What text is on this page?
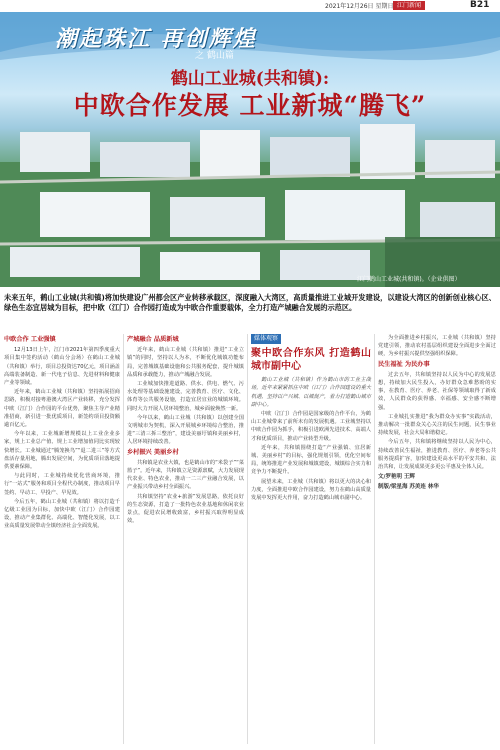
2021年12月26日 星期日 江门新闻	B21
潮起珠江 再创辉煌
之 鹤山篇
鹤山工业城(共和镇):
中欧合作发展 工业新城“腾飞”
江门鹤山工业城(共和镇)。（企业供图）
未来五年，鹤山工业城(共和镇)将加快建设广州都会区产业转移承载区，深度融入大湾区，高质量推进工业城开发建设，以建设大湾区的创新创业核心区、绿色生态宜居城为目标，把中欧（江门）合作园打造成为中欧合作重要载体，全力打造产城融合发展的示范区。
中欧合作 工业强镇

12月13日上午，江门市2021年第四季度重大项目集中签约活动（鹤山分会场）在鹤山工业城（共和镇）举行，项目总投资达70亿元，项目涵盖高端装备制造、新一代电子信息、先进材料和健康产业等领域。

近年来，鹤山工业城（共和镇）坚持拓展招商思路，积极对接粤港澳大湾区产业转移，充分发挥中欧（江门）合作园的平台优势，聚焦主导产业精准招商，新引进一批优质项目，新签约项目投资额逾百亿元。

今年以来，工业城新增规模以上工业企业多家，规上工业总产值、规上工业增加值同比实现较快增长。工业城通过“腾笼换鸟”“退二进三”等方式盘活存量用地，腾出发展空间，为优质项目落地提供要素保障。

与此同时，工业城持续优化营商环境，推行“一站式”服务和项目全程代办制度，推动项目早签约、早动工、早投产、早见效。

今后五年，鹤山工业城（共和镇）将以打造千亿级工业园为目标，加快中欧（江门）合作园建设，推动产业集群化、高端化、智能化发展，以工业高质量发展带动全镇经济社会全面发展。

产城融合 品质新城

近年来，鹤山工业城（共和镇）推进“工业立镇”的同时，坚持以人为本，不断优化城镇功能布局，完善城镇基础设施和公共服务配套，提升城镇品质和承载能力，推动产城融合发展。

工业城加快推进道路、供水、供电、燃气、污水处理等基础设施建设，完善教育、医疗、文化、体育等公共服务设施，打造宜居宜业的城镇环境。同时大力开展人居环境整治，城乡面貌焕然一新。

今年以来，鹤山工业城（共和镇）以创建全国文明城市为契机，深入开展城乡环境综合整治，推进“三清三拆三整治”，建设美丽圩镇和美丽乡村，人居环境持续改善。

乡村振兴 美丽乡村

共和镇是农业大镇，也是鹤山市的“米袋子”“菜篮子”。近年来，共和镇立足资源禀赋，大力发展现代农业、特色农业，推动一二三产业融合发展，以产业振兴带动乡村全面振兴。

共和镇坚持“农业+旅游”发展思路，依托良好的生态资源，打造了一批特色农业基地和休闲农业景点，促进农民增收致富，乡村振兴取得明显成效。

媒体观察
聚中欧合作东风 打造鹤山城市副中心

鹤山工业城（共和镇）作为鹤山市的工业主战场，近年来紧紧抓住中欧（江门）合作园建设的重大机遇，坚持以产兴城、以城促产，着力打造鹤山城市副中心。

中欧（江门）合作园是国家级的合作平台，为鹤山工业城带来了前所未有的发展机遇。工业城坚持以中欧合作园为抓手，积极引进欧洲先进技术、高端人才和优质项目，推动产业转型升级。

近年来，共和镇围绕打造“产业强镇、宜居新城、美丽乡村”的目标，强化规划引领，优化空间布局，统筹推进产业发展和城镇建设，城镇综合实力和竞争力不断提升。

展望未来，工业城（共和镇）将以更大的决心和力度，全面推进中欧合作园建设，努力在鹤山高质量发展中发挥更大作用，奋力打造鹤山城市副中心。

为全面推进乡村振兴，工业城（共和镇）坚持党建引领，推动农村基层组织建设全面进步全面过硬，为乡村振兴提供坚强组织保障。

民生福祉 为民办事

过去五年，共和镇坚持以人民为中心的发展思想，持续加大民生投入，办好群众急难愁盼的实事，在教育、医疗、养老、社保等领域取得了新成效，人民群众的获得感、幸福感、安全感不断增强。

工业城扎实推进“我为群众办实事”实践活动，推动解决一批群众关心关注的民生问题，民生事业持续发展，社会大局和谐稳定。

今后五年，共和镇将继续坚持以人民为中心，持续改善民生福祉，推进教育、医疗、养老等公共服务提质扩容，加快建设更高水平的平安共和、法治共和，让发展成果更多更公平惠及全体人民。

文/罗艳明 王辉
制版/梁星海 苏美连 林华
